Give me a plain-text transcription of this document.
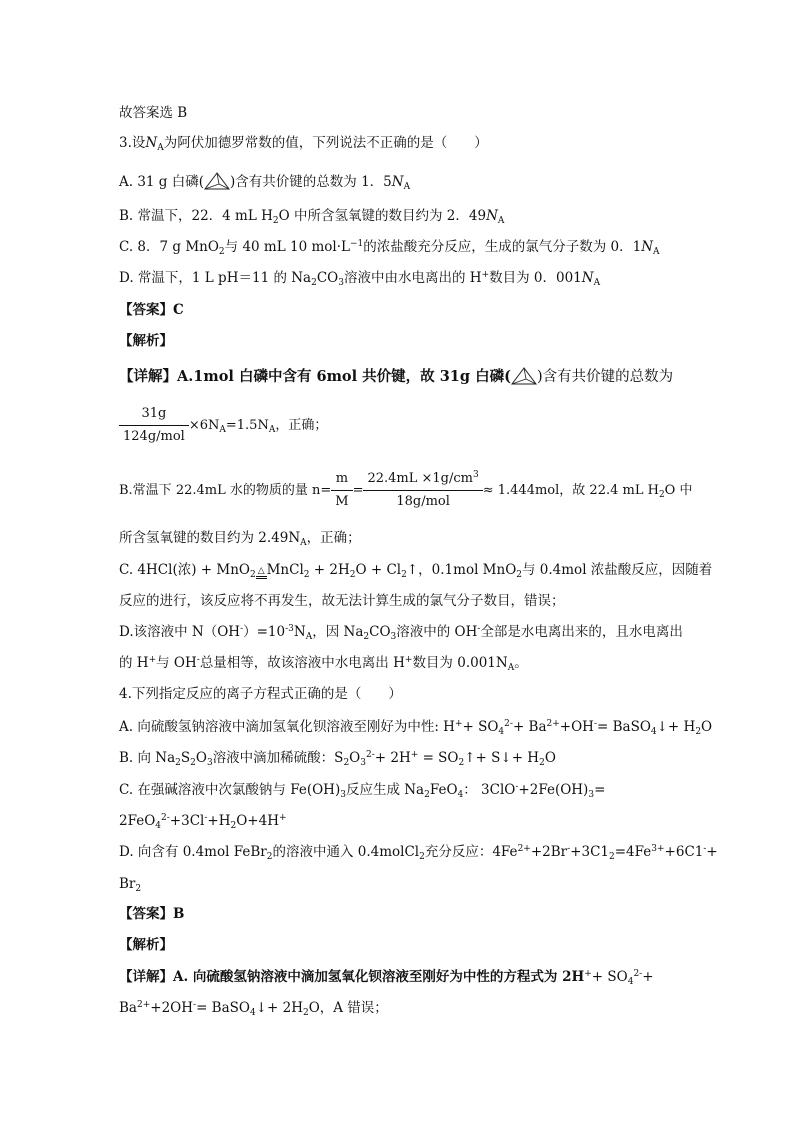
故答案选 B
3.设$N_A$为阿伏加德罗常数的值，下列说法不正确的是（　　）
A. 31 g 白磷( )含有共价键的总数为 1．$5N_A$
B. 常温下，22．4 mL $H_2O$ 中所含氢氧键的数目约为 2．$49N_A$
C. 8．7 g MnO$_2$与 40 mL 10 $mol\cdot L^{-1}$的浓盐酸充分反应，生成的氯气分子数为 0．$1N_A$
D. 常温下，1 L pH＝11 的 $Na_2CO_3$溶液中由水电离出的 H+数目为 0．$001N_A$
【答案】C
【解析】
【详解】A.1mol 白磷中含有 6mol 共价键，故 31g 白磷( )含有共价键的总数为
$\frac{31g}{\text{124g/mol}} \times 6N_A=1.5N_A$，正确；
B.常温下 22.4mL 水的物质的量 $n= \frac{m}{M} = \frac{22.4mL \times 1g/cm^3}{\text{18g/mol}} \approx 1.444mol$，故 22.4 mL $H_2O$ 中
所含氢氧键的数目约为 $2.49N_A$，正确；
C. 4HCl(浓) + MnO$_2$ △ MnCl$_2$ + $2H_2O$ + $Cl_2↑$，0.1mol MnO$_2$与 0.4mol 浓盐酸反应，因随着
反应的进行，该反应将不再发生，故无法计算生成的氯气分子数目，错误；
D.该溶液中 $N(OH^-)=10^{-3}N_A$，因 $Na_2CO_3$溶液中的 OH-全部是水电离出来的，且水电离出
的 H+与 OH-总量相等，故该溶液中水电离出 H+数目为 $0.001N_A$。
4.下列指定反应的离子方程式正确的是（　　）
A. 向硫酸氢钠溶液中滴加氢氧化钡溶液至刚好为中性: $H^++ SO_4^{2-}+ Ba^{2+}+OH^-=$ BaSO$_4$↓+ $H_2O$
B. 向 $Na_2S_2O_3$溶液中滴加稀硫酸：$S_2O_3^{2-}+ 2H^+$ = $SO_2↑+$ S↓+ $H_2O$
C. 在强碱溶液中次氯酸钠与 $Fe(OH)_3$反应生成 $Na_2FeO_4$： $3ClO^-+2Fe(OH)_3=$
$2FeO_4^{2-}+3Cl^-+H_2O+4H^+$
D. 向含有 0.4mol FeBr$_2$的溶液中通入 0.4molCl$_2$充分反应：$4Fe^{2+}+2Br^-+3C1_2=4Fe^{3+}+6C1^-+$
$Br_2$
【答案】B
【解析】
【详解】A. 向硫酸氢钠溶液中滴加氢氧化钡溶液至刚好为中性的方程式为 $2H^++ SO_4^{2-}+$
$Ba^{2+}+2OH^-=$ BaSO$_4$↓+ $2H_2O$，A 错误；
